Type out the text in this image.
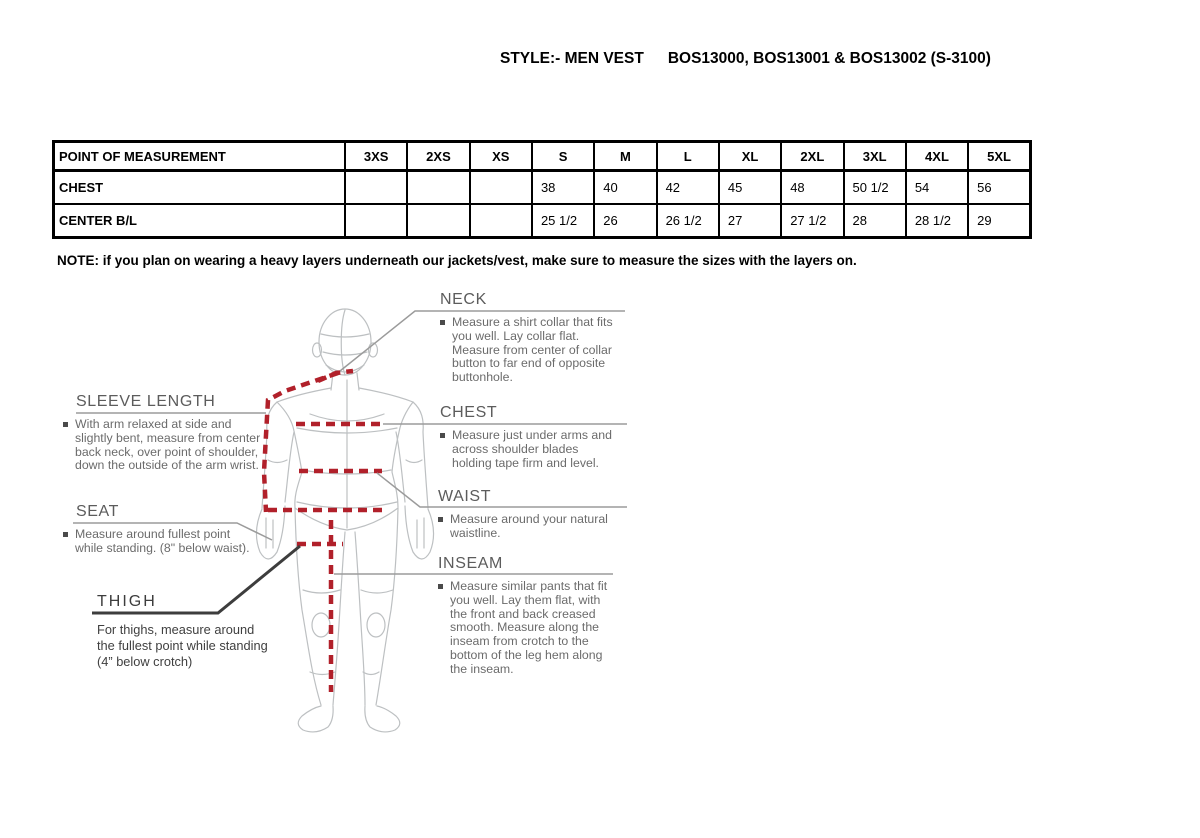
STYLE:- MEN VEST BOS13000, BOS13001 & BOS13002 (S-3100)
POINT OF MEASUREMENT	3XS	2XS	XS	S	M	L	XL	2XL	3XL	4XL	5XL
CHEST				38	40	42	45	48	50 1/2	54	56
CENTER B/L				25 1/2	26	26 1/2	27	27 1/2	28	28 1/2	29
NOTE: if you plan on wearing a heavy layers underneath our jackets/vest, make sure to measure the sizes with the layers on.
NECK
Measure a shirt collar that fits you well. Lay collar flat. Measure from center of collar button to far end of opposite buttonhole.
SLEEVE LENGTH
With arm relaxed at side and slightly bent, measure from center back neck, over point of shoulder, down the outside of the arm wrist.
CHEST
Measure just under arms and across shoulder blades holding tape firm and level.
WAIST
Measure around your natural waistline.
SEAT
Measure around fullest point while standing. (8" below waist).
INSEAM
Measure similar pants that fit you well. Lay them flat, with the front and back creased smooth. Measure along the inseam from crotch to the bottom of the leg hem along the inseam.
THIGH
For thighs, measure around the fullest point while standing (4” below crotch)
